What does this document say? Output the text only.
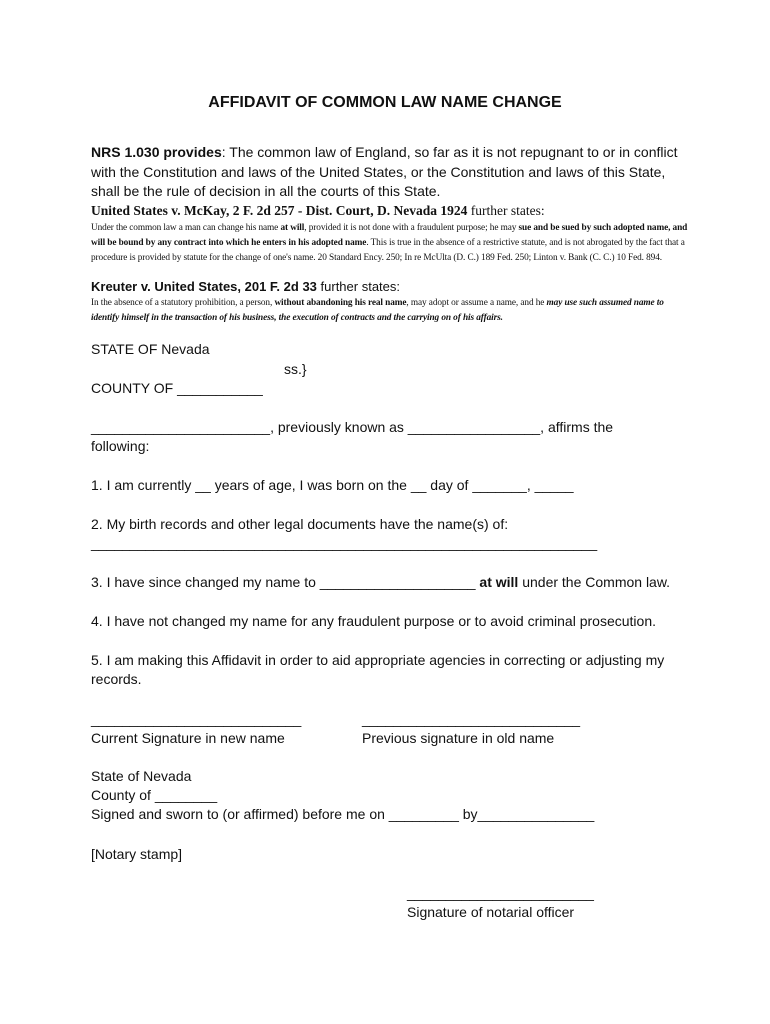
AFFIDAVIT OF COMMON LAW NAME CHANGE
NRS 1.030 provides: The common law of England, so far as it is not repugnant to or in conflict with the Constitution and laws of the United States, or the Constitution and laws of this State, shall be the rule of decision in all the courts of this State.
United States v. McKay, 2 F. 2d 257 - Dist. Court, D. Nevada 1924 further states:
Under the common law a man can change his name at will, provided it is not done with a fraudulent purpose; he may sue and be sued by such adopted name, and will be bound by any contract into which he enters in his adopted name. This is true in the absence of a restrictive statute, and is not abrogated by the fact that a procedure is provided by statute for the change of one's name. 20 Standard Ency. 250; In re McUlta (D. C.) 189 Fed. 250; Linton v. Bank (C. C.) 10 Fed. 894.
Kreuter v. United States, 201 F. 2d 33 further states:
In the absence of a statutory prohibition, a person, without abandoning his real name, may adopt or assume a name, and he may use such assumed name to identify himself in the transaction of his business, the execution of contracts and the carrying on of his affairs.
STATE OF Nevada
ss.}
COUNTY OF ___________
_______________________, previously known as _________________, affirms the
following:
1. I am currently __ years of age, I was born on the __ day of _______, _____
2. My birth records and other legal documents have the name(s) of:
_________________________________________________________________
3. I have since changed my name to ____________________ at will under the Common law.
4. I have not changed my name for any fraudulent purpose or to avoid criminal prosecution.
5. I am making this Affidavit in order to aid appropriate agencies in correcting or adjusting my
records.
___________________________
Current Signature in new name
____________________________
Previous signature in old name
State of Nevada
County of ________
Signed and sworn to (or affirmed) before me on _________ by_______________
[Notary stamp]
________________________
Signature of notarial officer
